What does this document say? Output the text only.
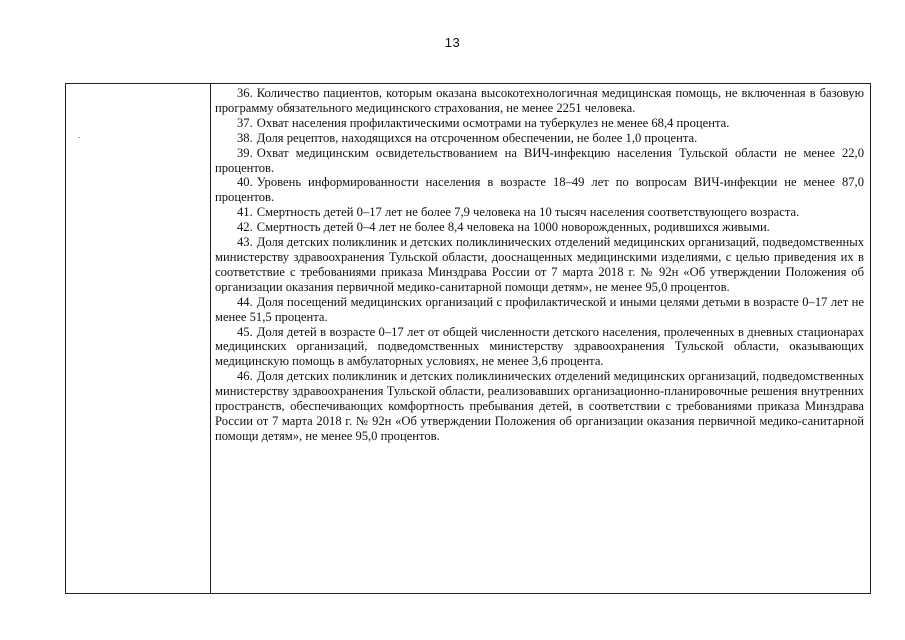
13

36. Количество пациентов, которым оказана высокотехнологичная медицинская помощь, не включенная в базовую программу обязательного медицинского страхования, не менее 2251 человека.

37. Охват населения профилактическими осмотрами на туберкулез не менее 68,4 процента.

38. Доля рецептов, находящихся на отсроченном обеспечении, не более 1,0 процента.

39. Охват медицинским освидетельствованием на ВИЧ-инфекцию населения Тульской области не менее 22,0 процентов.

40. Уровень информированности населения в возрасте 18–49 лет по вопросам ВИЧ-инфекции не менее 87,0 процентов.

41. Смертность детей 0–17 лет не более 7,9 человека на 10 тысяч населения соответствующего возраста.

42. Смертность детей 0–4 лет не более 8,4 человека на 1000 новорожденных, родившихся живыми.

43. Доля детских поликлиник и детских поликлинических отделений медицинских организаций, подведомственных министерству здравоохранения Тульской области, дооснащенных медицинскими изделиями, с целью приведения их в соответствие с требованиями приказа Минздрава России от 7 марта 2018 г. № 92н «Об утверждении Положения об организации оказания первичной медико-санитарной помощи детям», не менее 95,0 процентов.

44. Доля посещений медицинских организаций с профилактической и иными целями детьми в возрасте 0–17 лет не менее 51,5 процента.

45. Доля детей в возрасте 0–17 лет от общей численности детского населения, пролеченных в дневных стационарах медицинских организаций, подведомственных министерству здравоохранения Тульской области, оказывающих медицинскую помощь в амбулаторных условиях, не менее 3,6 процента.

46. Доля детских поликлиник и детских поликлинических отделений медицинских организаций, подведомственных министерству здравоохранения Тульской области, реализовавших организационно-планировочные решения внутренних пространств, обеспечивающих комфортность пребывания детей, в соответствии с требованиями приказа Минздрава России от 7 марта 2018 г. № 92н «Об утверждении Положения об организации оказания первичной медико-санитарной помощи детям», не менее 95,0 процентов.
